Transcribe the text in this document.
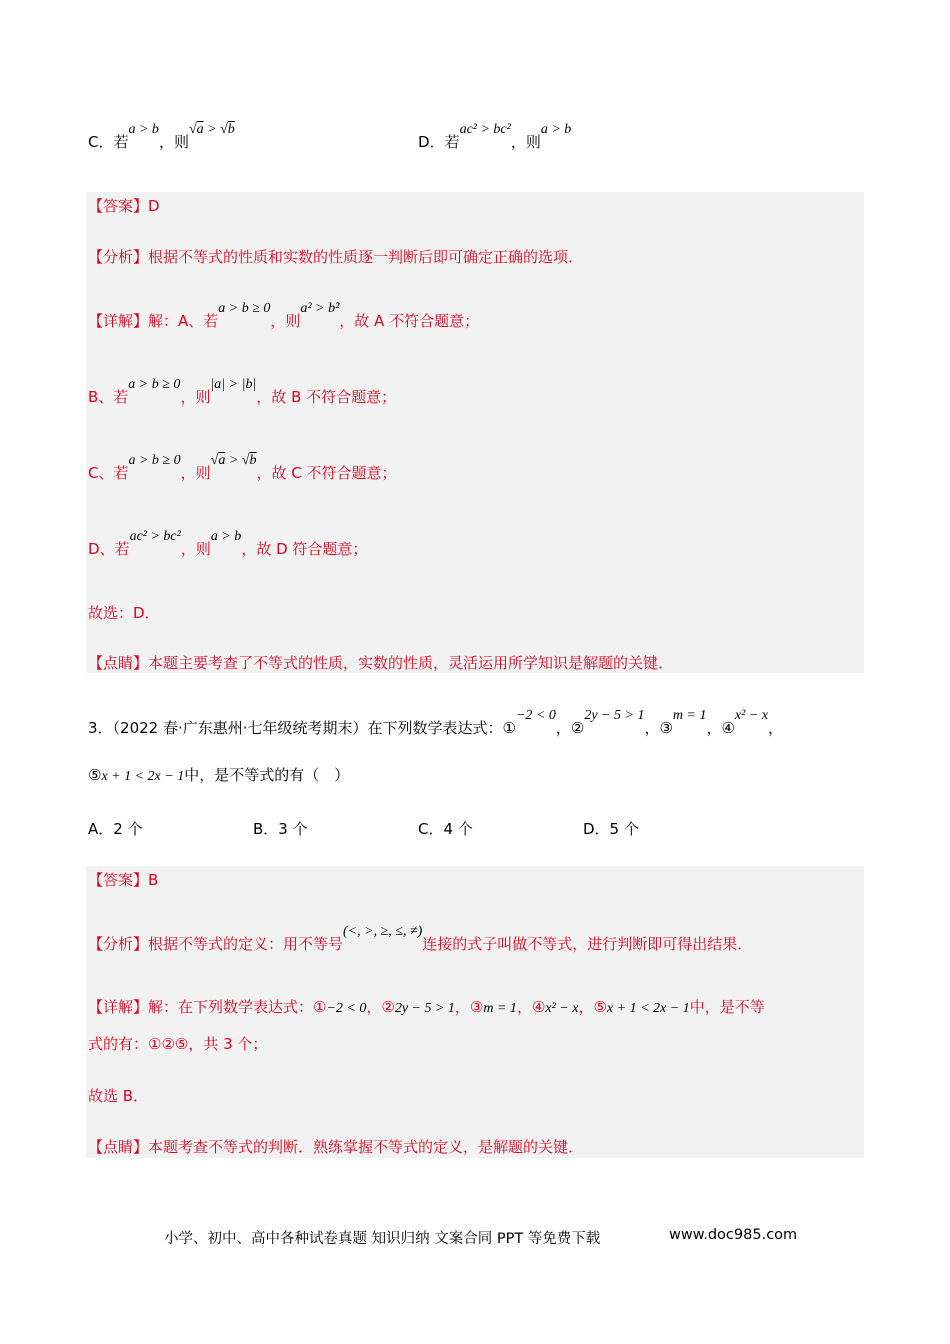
C．若a > b，则√a > √b
D．若ac² > bc²，则a > b
【答案】D
【分析】根据不等式的性质和实数的性质逐一判断后即可确定正确的选项．
【详解】解：A、若a > b ≥ 0，则a² > b²，故 A 不符合题意；
B、若a > b ≥ 0，则|a| > |b|，故 B 不符合题意；
C、若a > b ≥ 0，则√a > √b，故 C 不符合题意；
D、若ac² > bc²，则a > b，故 D 符合题意；
故选：D．
【点睛】本题主要考查了不等式的性质，实数的性质，灵活运用所学知识是解题的关键．
3．（2022 春·广东惠州·七年级统考期末）在下列数学表达式：①−2 < 0，②2y − 5 > 1，③m = 1，④x² − x，
⑤x + 1 < 2x − 1中，是不等式的有（　）
A．2 个	B．3 个	C．4 个	D．5 个
【答案】B
【分析】根据不等式的定义：用不等号(<, >, ≥, ≤, ≠)连接的式子叫做不等式，进行判断即可得出结果．
【详解】解：在下列数学表达式：①−2 < 0，②2y − 5 > 1，③m = 1，④x² − x，⑤x + 1 < 2x − 1中，是不等
式的有：①②⑤，共 3 个；
故选 B．
【点睛】本题考查不等式的判断．熟练掌握不等式的定义，是解题的关键．
小学、初中、高中各种试卷真题 知识归纳 文案合同 PPT 等免费下载	www.doc985.com
